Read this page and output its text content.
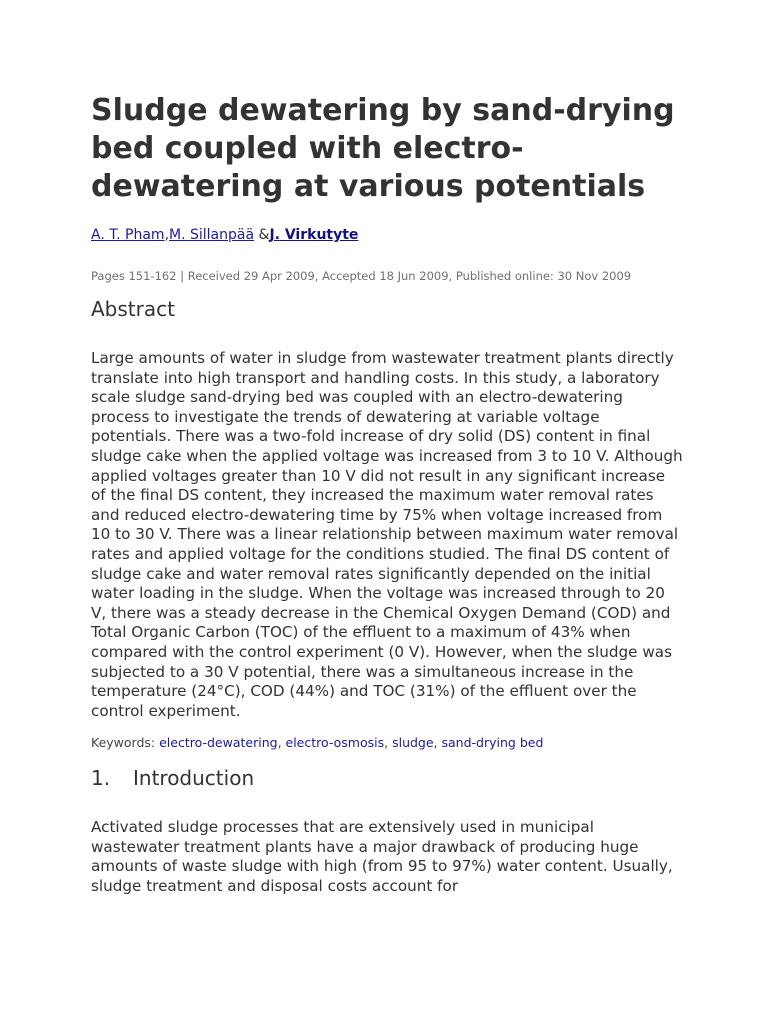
Sludge dewatering by sand-drying bed coupled with electro-dewatering at various potentials
A. T. Pham,M. Sillanpää &J. Virkutyte
Pages 151-162 | Received 29 Apr 2009, Accepted 18 Jun 2009, Published online: 30 Nov 2009
Abstract

Large amounts of water in sludge from wastewater treatment plants directly translate into high transport and handling costs. In this study, a laboratory scale sludge sand-drying bed was coupled with an electro-dewatering process to investigate the trends of dewatering at variable voltage potentials. There was a two-fold increase of dry solid (DS) content in final sludge cake when the applied voltage was increased from 3 to 10 V. Although applied voltages greater than 10 V did not result in any significant increase of the final DS content, they increased the maximum water removal rates and reduced electro-dewatering time by 75% when voltage increased from 10 to 30 V. There was a linear relationship between maximum water removal rates and applied voltage for the conditions studied. The final DS content of sludge cake and water removal rates significantly depended on the initial water loading in the sludge. When the voltage was increased through to 20 V, there was a steady decrease in the Chemical Oxygen Demand (COD) and Total Organic Carbon (TOC) of the effluent to a maximum of 43% when compared with the control experiment (0 V). However, when the sludge was subjected to a 30 V potential, there was a simultaneous increase in the temperature (24°C), COD (44%) and TOC (31%) of the effluent over the control experiment.

Keywords: electro-dewatering, electro-osmosis, sludge, sand-drying bed
1. Introduction

Activated sludge processes that are extensively used in municipal wastewater treatment plants have a major drawback of producing huge amounts of waste sludge with high (from 95 to 97%) water content. Usually, sludge treatment and disposal costs account for
